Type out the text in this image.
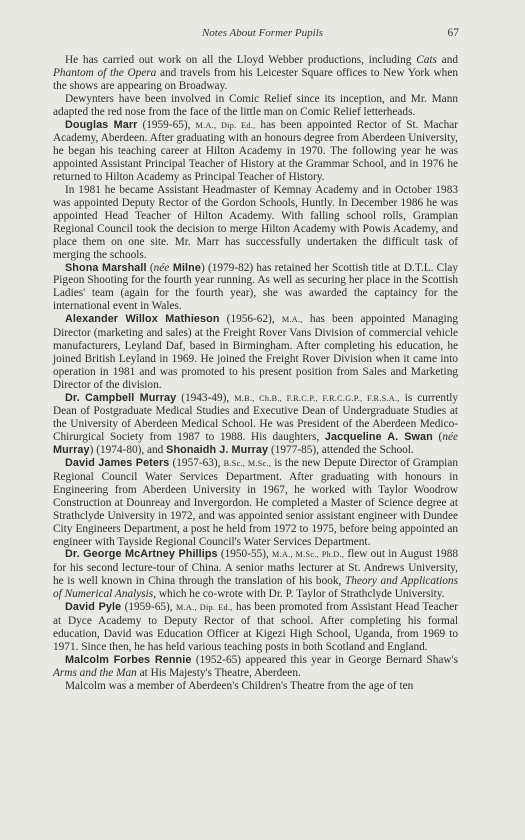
Notes About Former Pupils	67

He has carried out work on all the Lloyd Webber productions, including Cats and Phantom of the Opera and travels from his Leicester Square offices to New York when the shows are appearing on Broadway.

Dewynters have been involved in Comic Relief since its inception, and Mr. Mann adapted the red nose from the face of the little man on Comic Relief letterheads.

Douglas Marr (1959-65), M.A., Dip. Ed., has been appointed Rector of St. Machar Academy, Aberdeen. After graduating with an honours degree from Aberdeen University, he began his teaching career at Hilton Academy in 1970. The following year he was appointed Assistant Principal Teacher of History at the Grammar School, and in 1976 he returned to Hilton Academy as Principal Teacher of History.

In 1981 he became Assistant Headmaster of Kemnay Academy and in October 1983 was appointed Deputy Rector of the Gordon Schools, Huntly. In December 1986 he was appointed Head Teacher of Hilton Academy. With falling school rolls, Grampian Regional Council took the decision to merge Hilton Academy with Powis Academy, and place them on one site. Mr. Marr has successfully undertaken the difficult task of merging the schools.

Shona Marshall (née Milne) (1979-82) has retained her Scottish title at D.T.L. Clay Pigeon Shooting for the fourth year running. As well as securing her place in the Scottish Ladies' team (again for the fourth year), she was awarded the captaincy for the international event in Wales.

Alexander Willox Mathieson (1956-62), M.A., has been appointed Managing Director (marketing and sales) at the Freight Rover Vans Division of commercial vehicle manufacturers, Leyland Daf, based in Birmingham. After completing his education, he joined British Leyland in 1969. He joined the Freight Rover Division when it came into operation in 1981 and was promoted to his present position from Sales and Marketing Director of the division.

Dr. Campbell Murray (1943-49), M.B., Ch.B., F.R.C.P., F.R.C.G.P., F.R.S.A., is currently Dean of Postgraduate Medical Studies and Executive Dean of Undergraduate Studies at the University of Aberdeen Medical School. He was President of the Aberdeen Medico-Chirurgical Society from 1987 to 1988. His daughters, Jacqueline A. Swan (née Murray) (1974-80), and Shonaidh J. Murray (1977-85), attended the School.

David James Peters (1957-63), B.Sc., M.Sc., is the new Depute Director of Grampian Regional Council Water Services Department. After graduating with honours in Engineering from Aberdeen University in 1967, he worked with Taylor Woodrow Construction at Dounreay and Invergordon. He completed a Master of Science degree at Strathclyde University in 1972, and was appointed senior assistant engineer with Dundee City Engineers Department, a post he held from 1972 to 1975, before being appointed an engineer with Tayside Regional Council's Water Services Department.

Dr. George McArtney Phillips (1950-55), M.A., M.Sc., Ph.D., flew out in August 1988 for his second lecture-tour of China. A senior maths lecturer at St. Andrews University, he is well known in China through the translation of his book, Theory and Applications of Numerical Analysis, which he co-wrote with Dr. P. Taylor of Strathclyde University.

David Pyle (1959-65), M.A., Dip. Ed., has been promoted from Assistant Head Teacher at Dyce Academy to Deputy Rector of that school. After completing his formal education, David was Education Officer at Kigezi High School, Uganda, from 1969 to 1971. Since then, he has held various teaching posts in both Scotland and England.

Malcolm Forbes Rennie (1952-65) appeared this year in George Bernard Shaw's Arms and the Man at His Majesty's Theatre, Aberdeen.

Malcolm was a member of Aberdeen's Children's Theatre from the age of ten
